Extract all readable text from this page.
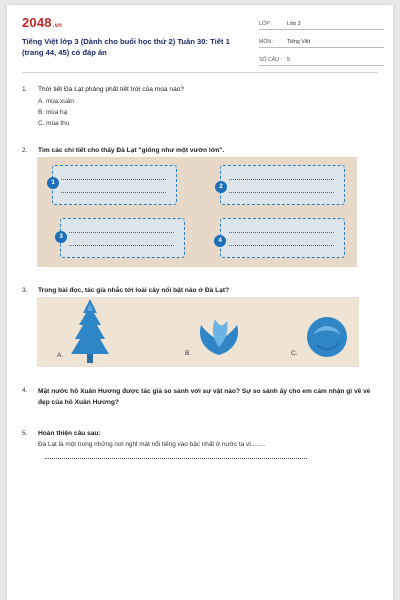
2048.vn
Tiếng Việt lớp 3 (Dành cho buổi học thứ 2) Tuần 30: Tiết 1 (trang 44, 45) có đáp án
LỚP :	Lớp 3
MÔN :	Tiếng Việt
SỐ CÂU :	5
1.	Thời tiết Đà Lạt phảng phất tiết trời của mùa nào?
A. mùa xuân
B. mùa hạ
C. mùa thu
2.	Tìm các chi tiết cho thấy Đà Lạt "giống như một vườn lớn".
1
2
3
4
3.	Trong bài đọc, tác giả nhắc tới loài cây nổi bật nào ở Đà Lạt?
A.	B.	C.
4.	Mặt nước hồ Xuân Hương được tác giả so sánh với sự vật nào? Sự so sánh ấy cho em cảm nhận gì về vẻ đẹp của hồ Xuân Hương?
5.	Hoàn thiện câu sau:
Đà Lạt là một trong những nơi nghỉ mát nổi tiếng vào bậc nhất ở nước ta vì........
